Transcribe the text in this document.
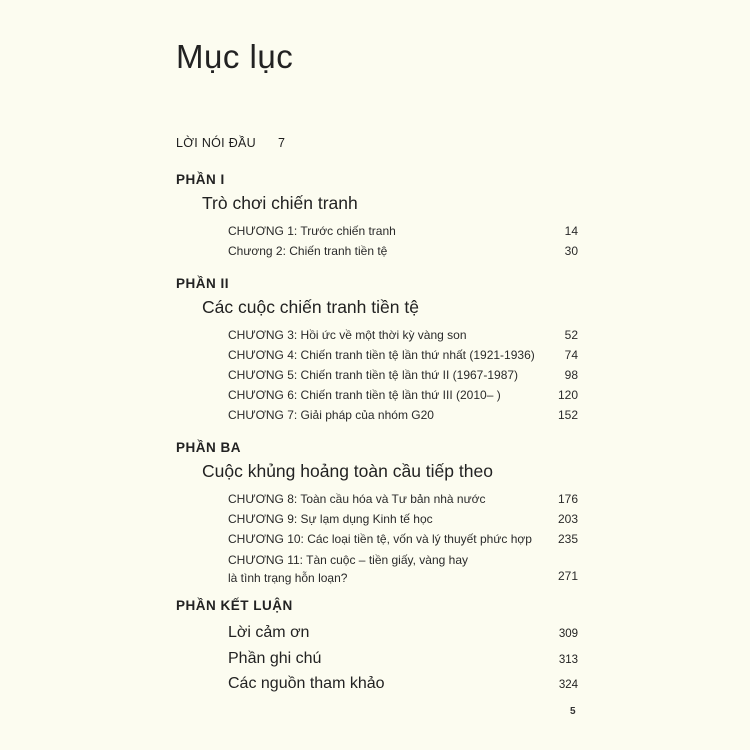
Mục lục
LỜI NÓI ĐẦU 7
PHẦN I
Trò chơi chiến tranh
CHƯƠNG 1: Trước chiến tranh	14
Chương 2: Chiến tranh tiền tệ	30
PHẦN II
Các cuộc chiến tranh tiền tệ
CHƯƠNG 3: Hồi ức về một thời kỳ vàng son	52
CHƯƠNG 4: Chiến tranh tiền tệ lần thứ nhất (1921-1936) 74
CHƯƠNG 5: Chiến tranh tiền tệ lần thứ II (1967-1987)	98
CHƯƠNG 6: Chiến tranh tiền tệ lần thứ III (2010– )	120
CHƯƠNG 7: Giải pháp của nhóm G20	152
PHẦN BA
Cuộc khủng hoảng toàn cầu tiếp theo
CHƯƠNG 8: Toàn cầu hóa và Tư bản nhà nước	176
CHƯƠNG 9: Sự lạm dụng Kinh tế học	203
CHƯƠNG 10: Các loại tiền tệ, vốn và lý thuyết phức hợp 235
CHƯƠNG 11: Tàn cuộc – tiền giấy, vàng hay là tình trạng hỗn loạn?	271
PHẦN KẾT LUẬN
Lời cảm ơn	309
Phần ghi chú	313
Các nguồn tham khảo	324
5
